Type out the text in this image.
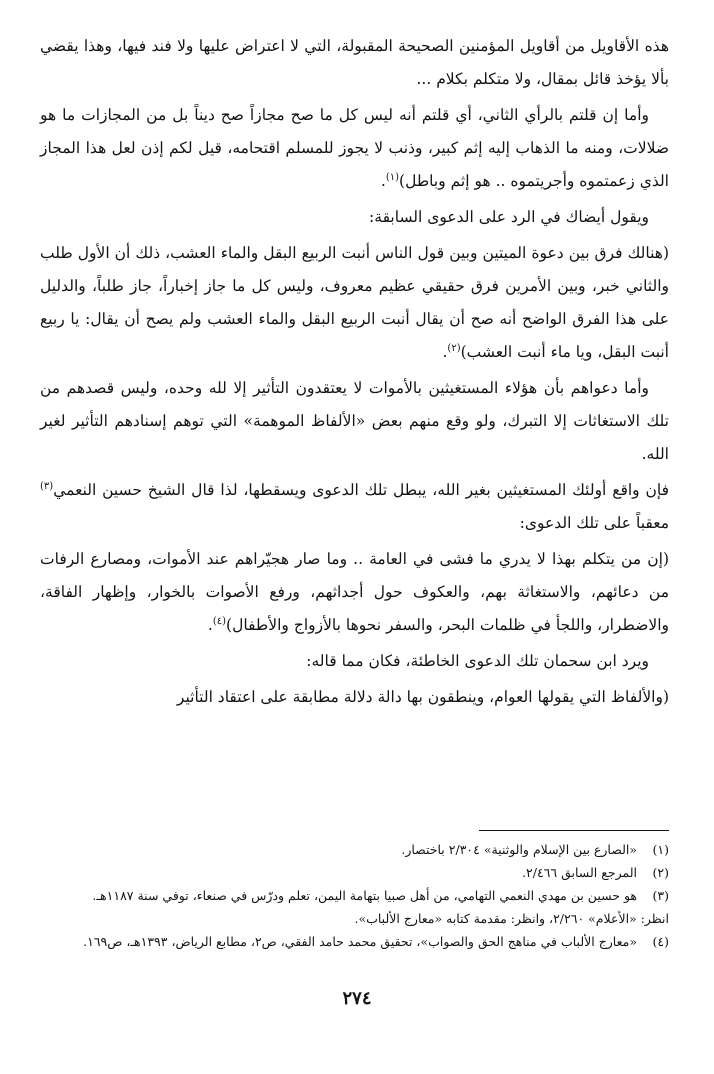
هذه الأقاويل من أقاويل المؤمنين الصحيحة المقبولة، التي لا اعتراض عليها ولا فند فيها، وهذا يقضي بألا يؤخذ قائل بمقال، ولا متكلم بكلام ...

وأما إن قلتم بالرأي الثاني، أي قلتم أنه ليس كل ما صح مجازاً صح ديناً بل من المجازات ما هو ضلالات، ومنه ما الذهاب إليه إثم كبير، وذنب لا يجوز للمسلم اقتحامه، قيل لكم إذن لعل هذا المجاز الذي زعمتموه وأجريتموه .. هو إثم وباطل)$^{(١)}$.

ويقول أيضاك في الرد على الدعوى السابقة:

(هنالك فرق بين دعوة الميتين وبين قول الناس أنبت الربيع البقل والماء العشب، ذلك أن الأول طلب والثاني خبر، وبين الأمرين فرق حقيقي عظيم معروف، وليس كل ما جاز إخباراً، جاز طلباً، والدليل على هذا الفرق الواضح أنه صح أن يقال أنبت الربيع البقل والماء العشب ولم يصح أن يقال: يا ربيع أنبت البقل، ويا ماء أنبت العشب)$^{(٢)}$.

وأما دعواهم بأن هؤلاء المستغيثين بالأموات لا يعتقدون التأثير إلا لله وحده، وليس قصدهم من تلك الاستغاثات إلا التبرك، ولو وقع منهم بعض «الألفاظ الموهمة» التي توهم إسنادهم التأثير لغير الله.

فإن واقع أولئك المستغيثين بغير الله، يبطل تلك الدعوى ويسقطها، لذا قال الشيخ حسين النعمي$^{(٣)}$ معقباً على تلك الدعوى:

(إن من يتكلم بهذا لا يدري ما فشى في العامة .. وما صار هجيّراهم عند الأموات، ومصارع الرفات من دعائهم، والاستغاثة بهم، والعكوف حول أجداثهم، ورفع الأصوات بالخوار، وإظهار الفاقة، والاضطرار، واللجأ في ظلمات البحر، والسفر نحوها بالأزواج والأطفال)$^{(٤)}$.

ويرد ابن سحمان تلك الدعوى الخاطئة، فكان مما قاله:

(والألفاظ التي يقولها العوام، وينطقون بها دالة دلالة مطابقة على اعتقاد التأثير

(١)
«الصارع بين الإسلام والوثنية» ٢/٣٠٤ باختصار.
(٢)
المرجع السابق ٢/٤٦٦.
(٣)
هو حسين بن مهدي النعمي التهامي، من أهل صبيا بتهامة اليمن، تعلم ودرّس في صنعاء، توفي سنة ١١٨٧هـ.
انظر: «الأعلام» ٢/٢٦٠، وانظر: مقدمة كتابه «معارج الألباب».
(٤)
«معارج الألباب في مناهج الحق والصواب»، تحقيق محمد حامد الفقي، ص٢، مطابع الرياض، ١٣٩٣هـ، ص١٦٩.
٢٧٤
